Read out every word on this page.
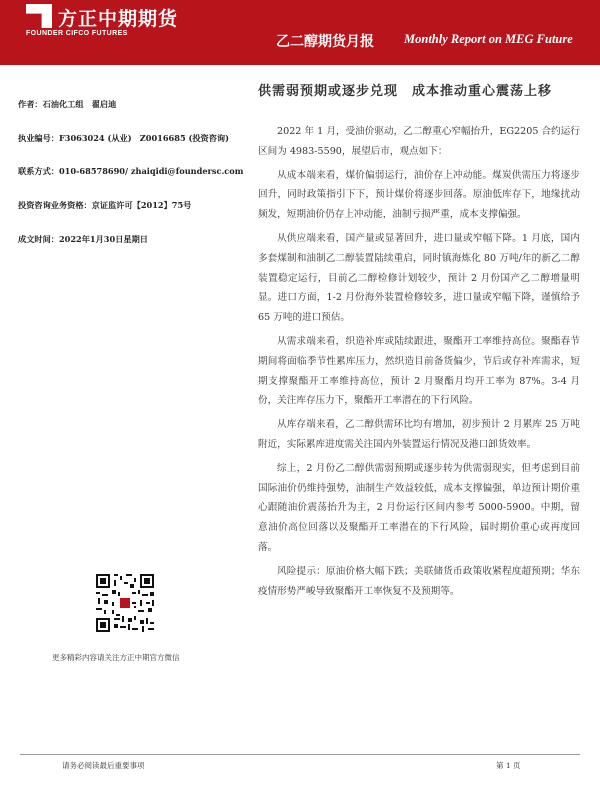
方正中期期货
FOUNDER CIFCO FUTURES
乙二醇期货月报 Monthly Report on MEG Future
供需弱预期或逐步兑现　成本推动重心震荡上移
作者：石油化工组　翟启迪
执业编号：F3063024 (从业)　Z0016685 (投资咨询)
联系方式：010-68578690/ zhaiqidi@foundersc.com
投资咨询业务资格：京证监许可【2012】75号
成文时间：2022年1月30日星期日

2022 年 1 月，受油价驱动，乙二醇重心窄幅抬升，EG2205 合约运行区间为 4983-5590，展望后市，观点如下：

从成本端来看，煤价偏弱运行，油价存上冲动能。煤炭供需压力将逐步回升，同时政策指引下下，预计煤价将逐步回落。原油低库存下，地缘扰动频发，短期油价仍存上冲动能，油制亏损严重，成本支撑偏强。

从供应端来看，国产量或显著回升，进口量或窄幅下降。1 月底，国内多套煤制和油制乙二醇装置陆续重启，同时镇海炼化 80 万吨/年的新乙二醇装置稳定运行，目前乙二醇检修计划较少，预计 2 月份国产乙二醇增量明显。进口方面，1-2 月份海外装置检修较多，进口量或窄幅下降，谨慎给予 65 万吨的进口预估。

从需求端来看，织造补库或陆续跟进，聚酯开工率维持高位。聚酯春节期间将面临季节性累库压力，然织造目前备货偏少，节后或存补库需求，短期支撑聚酯开工率维持高位，预计 2 月聚酯月均开工率为 87%。3-4 月份，关注库存压力下，聚酯开工率潜在的下行风险。

从库存端来看，乙二醇供需环比均有增加，初步预计 2 月累库 25 万吨附近，实际累库进度需关注国内外装置运行情况及港口卸货效率。

综上，2 月份乙二醇供需弱预期或逐步转为供需弱现实，但考虑到目前国际油价仍维持强势，油制生产效益较低，成本支撑偏强，单边预计期价重心跟随油价震荡抬升为主，2 月份运行区间内参考 5000-5900。中期，留意油价高位回落以及聚酯开工率潜在的下行风险，届时期价重心或再度回落。

风险提示：原油价格大幅下跌；美联储货币政策收紧程度超预期；华东疫情形势严峻导致聚酯开工率恢复不及预期等。

更多精彩内容请关注方正中期官方微信
请务必阅读最后重要事项	第 1 页
